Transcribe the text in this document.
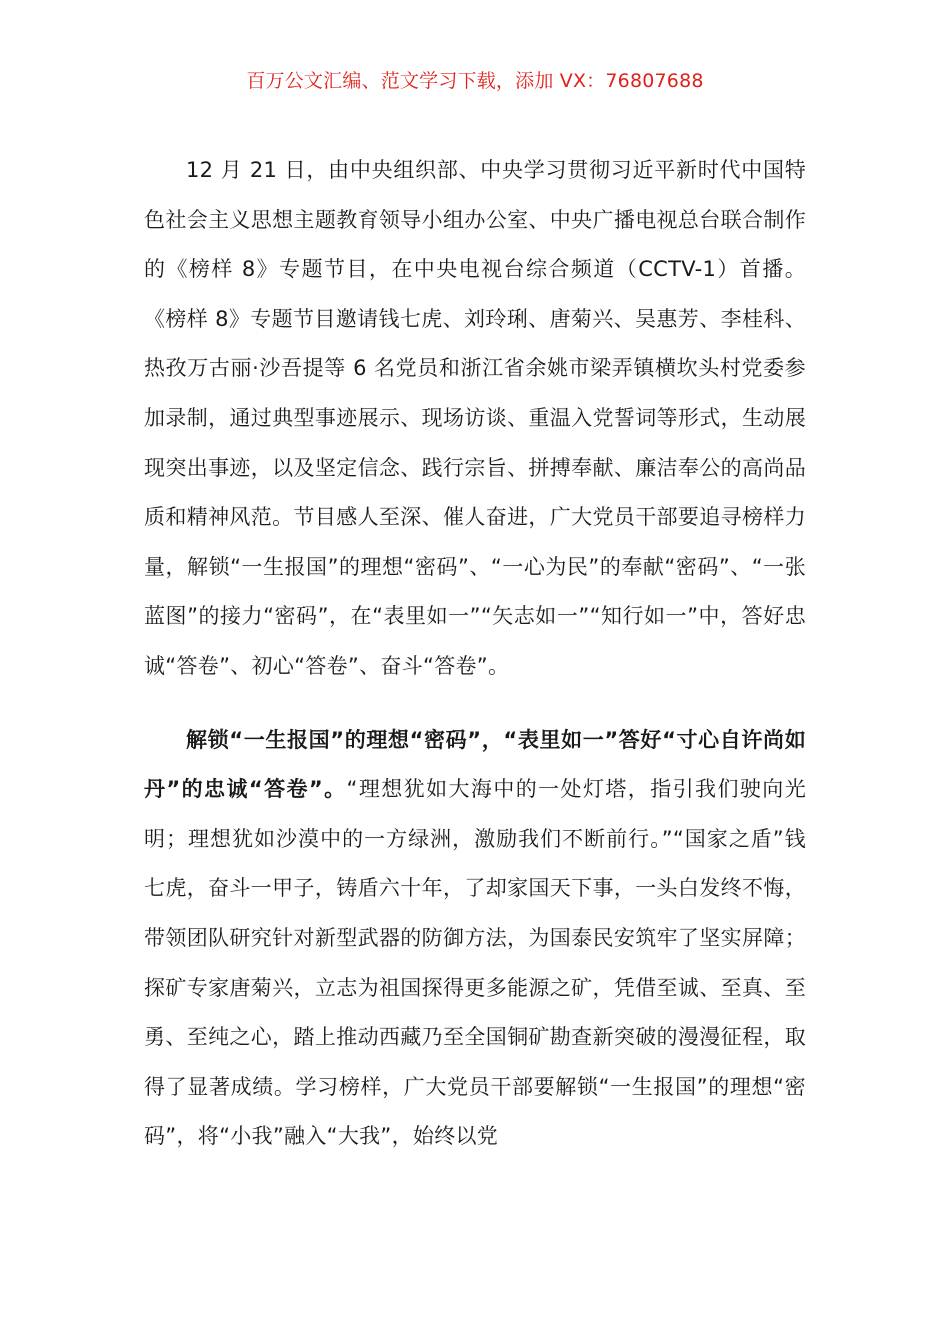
百万公文汇编、范文学习下载，添加 VX：76807688

12 月 21 日，由中央组织部、中央学习贯彻习近平新时代中国特色社会主义思想主题教育领导小组办公室、中央广播电视总台联合制作的《榜样 8》专题节目，在中央电视台综合频道（CCTV-1）首播。《榜样 8》专题节目邀请钱七虎、刘玲琍、唐菊兴、吴惠芳、李桂科、热孜万古丽·沙吾提等 6 名党员和浙江省余姚市梁弄镇横坎头村党委参加录制，通过典型事迹展示、现场访谈、重温入党誓词等形式，生动展现突出事迹，以及坚定信念、践行宗旨、拼搏奉献、廉洁奉公的高尚品质和精神风范。节目感人至深、催人奋进，广大党员干部要追寻榜样力量，解锁“一生报国”的理想“密码”、“一心为民”的奉献“密码”、“一张蓝图”的接力“密码”，在“表里如一”“矢志如一”“知行如一”中，答好忠诚“答卷”、初心“答卷”、奋斗“答卷”。

解锁“一生报国”的理想“密码”，“表里如一”答好“寸心自许尚如丹”的忠诚“答卷”。“理想犹如大海中的一处灯塔，指引我们驶向光明；理想犹如沙漠中的一方绿洲，激励我们不断前行。”“国家之盾”钱七虎，奋斗一甲子，铸盾六十年，了却家国天下事，一头白发终不悔，带领团队研究针对新型武器的防御方法，为国泰民安筑牢了坚实屏障；探矿专家唐菊兴，立志为祖国探得更多能源之矿，凭借至诚、至真、至勇、至纯之心，踏上推动西藏乃至全国铜矿勘查新突破的漫漫征程，取得了显著成绩。学习榜样，广大党员干部要解锁“一生报国”的理想“密码”，将“小我”融入“大我”，始终以党
